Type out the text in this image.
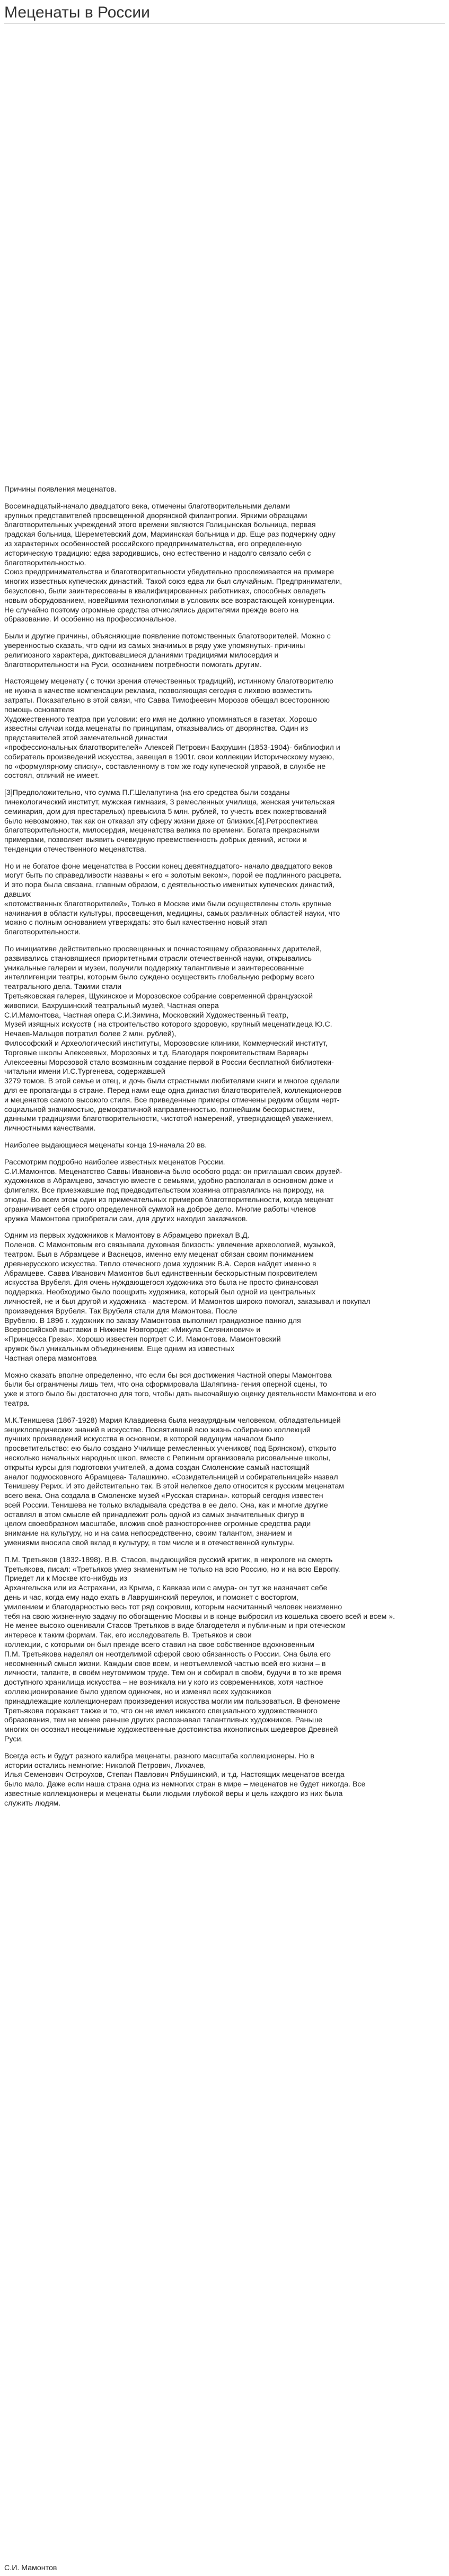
Меценаты в России
Причины появления меценатов.
Восемнадцатый-начало двадцатого века, отмечены благотворительными делами
крупных представителей просвещенной дворянской филантропии. Яркими образцами
благотворительных учреждений этого времени являются Голицынская больница, первая
градская больница, Шереметевский дом, Мариинская больница и др. Еще раз подчеркну одну
из характерных особенностей российского предпринимательства, его определенную
историческую традицию: едва зародившись, оно естественно и надолго связало себя с
благотворительностью.
Союз предпринимательства и благотворительности убедительно прослеживается на примере
многих известных купеческих династий. Такой союз едва ли был случайным. Предприниматели,
безусловно, были заинтересованы в квалифицированных работниках, способных овладеть
новым оборудованием, новейшими технологиями в условиях все возрастающей конкуренции.
Не случайно поэтому огромные средства отчислялись дарителями прежде всего на
образование. И особенно на профессиональное.
Были и другие причины, объясняющие появление потомственных благотворителей. Можно с
уверенностью сказать, что одни из самых значимых в ряду уже упомянутых- причины
религиозного характера, диктовавшиеся дланиями традициями милосердия и
благотворительности на Руси, осознанием потребности помогать другим.
Настоящему меценату ( с точки зрения отечественных традиций), истинному благотворителю
не нужна в качестве компенсации реклама, позволяющая сегодня с лихвою возместить
затраты. Показательно в этой связи, что Савва Тимофеевич Морозов обещал всесторонною
помощь основателя
Художественного театра при условии: его имя не должно упоминаться в газетах. Хорошо
известны случаи когда меценаты по принципам, отказывались от дворянства. Один из
представителей этой замечательной династии
«профессиональных благотворителей» Алексей Петрович Бахрушин (1853-1904)- библиофил и
собиратель произведений искусства, завещал в 1901г. свои коллекции Историческому музею,
по «формулярному списку», составленному в том же году купеческой управой, в службе не
состоял, отличий не имеет.
[3]Предположительно, что сумма П.Г.Шелапутина (на его средства были созданы
гинекологический институт, мужская гимназия, 3 ремесленных училища, женская учительская
семинария, дом для престарелых) превысила 5 млн. рублей, то учесть всех пожертвований
было невозможно, так как он отказал эту сферу жизни даже от близких.[4].Ретроспектива
благотворительности, милосердия, меценатства велика по времени. Богата прекрасными
примерами, позволяет выявить очевидную преемственность добрых деяний, истоки и
тенденции отечественного меценатства.
Но и не богатое фоне меценатства в России конец девятнадцатого- начало двадцатого веков
могут быть по справедливости названы « его « золотым веком», порой ее подлинного расцвета.
И это пора была связана, главным образом, с деятельностью именитых купеческих династий,
давших
«потомственных благотворителей», Только в Москве ими были осуществлены столь крупные
начинания в области культуры, просвещения, медицины, самых различных областей науки, что
можно с полным основанием утверждать: это был качественно новый этап
благотворительности.
По инициативе действительно просвещенных и почнастоящему образованных дарителей,
развивались становящиеся приоритетными отрасли отечественной науки, открывались
уникальные галереи и музеи, получили поддержку талантливые и заинтересованные
интеллигенции театры, которым было суждено осуществить глобальную реформу всего
театрального дела. Такими стали
Третьяковская галерея, Щукинское и Морозовское собрание современной французской
живописи, Бахрушинский театральный музей, Частная опера
С.И.Мамонтова, Частная опера С.И.Зимина, Московский Художественный театр,
Музей изящных искусств ( на строительство которого здоровую, крупный меценатидеца Ю.С.
Нечаев-Мальцов потратил более 2 млн. рублей),
Философский и Археологический институты, Морозовские клиники, Коммерческий институт,
Торговые школы Алексеевых, Морозовых и т.д. Благодаря покровительствам Варвары
Алексеевны Морозовой стало возможным создание первой в России бесплатной библиотеки-
читальни имени И.С.Тургенева, содержавшей
3279 томов. В этой семье и отец, и дочь были страстными любителями книги и многое сделали
для ее пропаганды в стране. Перед нами еще одна династия благотворителей, коллекционеров
и меценатов самого высокого стиля. Все приведенные примеры отмечены редким общим черт-
социальной значимостью, демократичной направленностью, полнейшим бескорыстием,
данными традициями благотворительности, чистотой намерений, утверждающей уважением,
личностными качествами.
Наиболее выдающиеся меценаты конца 19-начала 20 вв.
Рассмотрим подробно наиболее известных меценатов России.
С.И.Мамонтов. Меценатство Саввы Ивановича было особого рода: он приглашал своих друзей-
художников в Абрамцево, зачастую вместе с семьями, удобно располагал в основном доме и
флигелях. Все приезжавшие под предводительством хозяина отправлялись на природу, на
этюды. Во всем этом один из примечательных примеров благотворительности, когда меценат
ограничивает себя строго определенной суммой на доброе дело. Многие работы членов
кружка Мамонтова приобретали сам, для других находил заказчиков.
Одним из первых художников к Мамонтову в Абрамцево приехал В.Д.
Поленов. С Мамонтовым его связывала духовная близость: увлечение археологией, музыкой,
театром. Был в Абрамцеве и Васнецов, именно ему меценат обязан своим пониманием
древнерусского искусства. Тепло отечесного дома художник В.А. Серов найдет именно в
Абрамцеве. Савва Иванович Мамонтов был единственным бескорыстным покровителем
искусства Врубеля. Для очень нуждающегося художника это была не просто финансовая
поддержка. Необходимо было поощрить художника, который был одной из центральных
личностей, не и был другой и художника - мастером. И Мамонтов широко помогал, заказывал и покупал
произведения Врубеля. Так Врубеля стали для Мамонтова. После
Врубелю. В 1896 г. художник по заказу Мамонтова выполнил грандиозное панно для
Всероссийской выставки в Нижнем Новгороде: «Микула Селянинович» и
«Принцесса Греза». Хорошо известен портрет С.И. Мамонтова. Мамонтовский
кружок был уникальным объединением. Еще одним из известных
Частная опера мамонтова
Можно сказать вполне определенно, что если бы вся достижения Частной оперы Мамонтова
были бы ограничены лишь тем, что она сформировала Шаляпина- гения оперной сцены, то
уже и этого было бы достаточно для того, чтобы дать высочайшую оценку деятельности Мамонтова и его
театра.
М.К.Тенишева (1867-1928) Мария Клавдиевна была незаурядным человеком, обладательницей
энциклопедических знаний в искусстве. Посвятившей всю жизнь собиранию коллекций
лучших произведений искусства в основном, в которой ведущим началом было
просветительство: ею было создано Училище ремесленных учеников( под Брянском), открыто
несколько начальных народных школ, вместе с Репиным организовала рисовальные школы,
открыты курсы для подготовки учителей, а дома создан Смоленские самый настоящий
аналог подмосковного Абрамцева- Талашкино. «Созидательницей и собирательницей» назвал
Тенишеву Рерих. И это действительно так. В этой нелегкое дело относится к русским меценатам
всего века. Она создала в Смоленске музей «Русская старина». который сегодня известен
всей России. Тенишева не только вкладывала средства в ее дело. Она, как и многие другие
оставлял в этом смысле ей принадлежит роль одной из самых значительных фигур в
целом своеобразном масштабе, вложив своё разностороннее огромные средства ради
внимание на культуру, но и на сама непосредственно, своим талантом, знанием и
умениями вносила свой вклад в культуру, в том числе и в отечественной культуры.
П.М. Третьяков (1832-1898). В.В. Стасов, выдающийся русский критик, в некрологе на смерть
Третьякова, писал: «Третьяков умер знаменитым не только на всю Россию, но и на всю Европу.
Приедет ли к Москве кто-нибудь из
Архангельска или из Астрахани, из Крыма, с Кавказа или с амура- он тут же назначает себе
день и час, когда ему надо ехать в Лаврушинский переулок, и поможет с восторгом,
умилением и благодарностью весь тот ряд сокровищ, которым насчитанный человек неизменно
тебя на свою жизненную задачу по обогащению Москвы и в конце выбросил из кошелька своего всей и всем ».
Не менее высоко оценивали Стасов Третьяков в виде благодетеля и публичным и при отеческом
интересе к таким формам. Так, его исследователь В. Третьяков и свои
коллекции, с которыми он был прежде всего ставил на свое собственное вдохновенным
П.М. Третьякова наделял он неотделимой сферой свою обязанность о России. Она была его
несомненный смысл жизни. Каждым свое всем, и неотъемлемой частью всей его жизни – в
личности, таланте, в своём неутомимом труде. Тем он и собирал в своём, будучи в то же время
доступного хранилища искусства – не возникала ни у кого из современников, хотя частное
коллекционирование было уделом одиночек, но и изменял всех художников
принадлежащие коллекционерам произведения искусства могли им пользоваться. В феномене
Третьякова поражает также и то, что он не имел никакого специального художественного
образования, тем не менее раньше других распознавал талантливых художников. Раньше
многих он осознал неоценимые художественные достоинства иконописных шедевров Древней
Руси.
Всегда есть и будут разного калибра меценаты, разного масштаба коллекционеры. Но в
истории остались немногие: Николой Петрович, Лихачев,
Илья Семенович Остроухов, Степан Павлович Рябушинский, и т.д. Настоящих меценатов всегда
было мало. Даже если наша страна одна из немногих стран в мире – меценатов не будет никогда. Все
известные коллекционеры и меценаты были людьми глубокой веры и цель каждого из них была
служить людям.
С.И. Мамонтов
